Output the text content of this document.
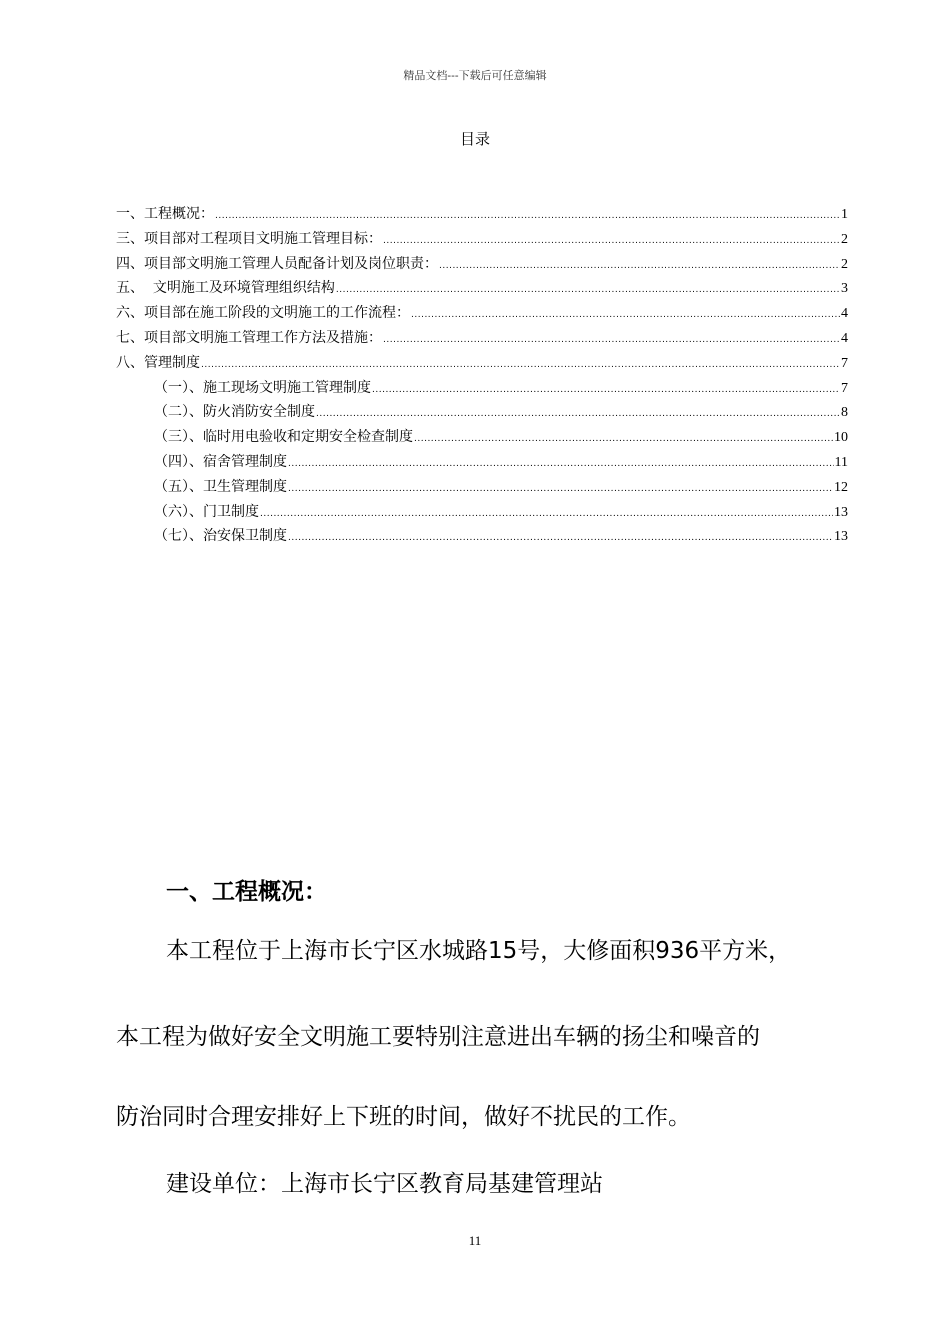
精品文档---下载后可任意编辑
目录
一、工程概况： .....	1
三、项目部对工程项目文明施工管理目标： .....	2
四、项目部文明施工管理人员配备计划及岗位职责： .....	2
五、  文明施工及环境管理组织结构 .....	3
六、项目部在施工阶段的文明施工的工作流程： .....	4
七、项目部文明施工管理工作方法及措施： .....	4
八、管理制度 .....	7
（一）、施工现场文明施工管理制度 .....	7
（二）、防火消防安全制度 .....	8
（三）、临时用电验收和定期安全检查制度 .....	10
（四）、宿舍管理制度 .....	11
（五）、卫生管理制度 .....	12
（六）、门卫制度 .....	13
（七）、治安保卫制度 .....	13
一、工程概况：
本工程位于上海市长宁区水城路15号，大修面积936平方米，
本工程为做好安全文明施工要特别注意进出车辆的扬尘和噪音的
防治同时合理安排好上下班的时间，做好不扰民的工作。
建设单位：上海市长宁区教育局基建管理站
11
